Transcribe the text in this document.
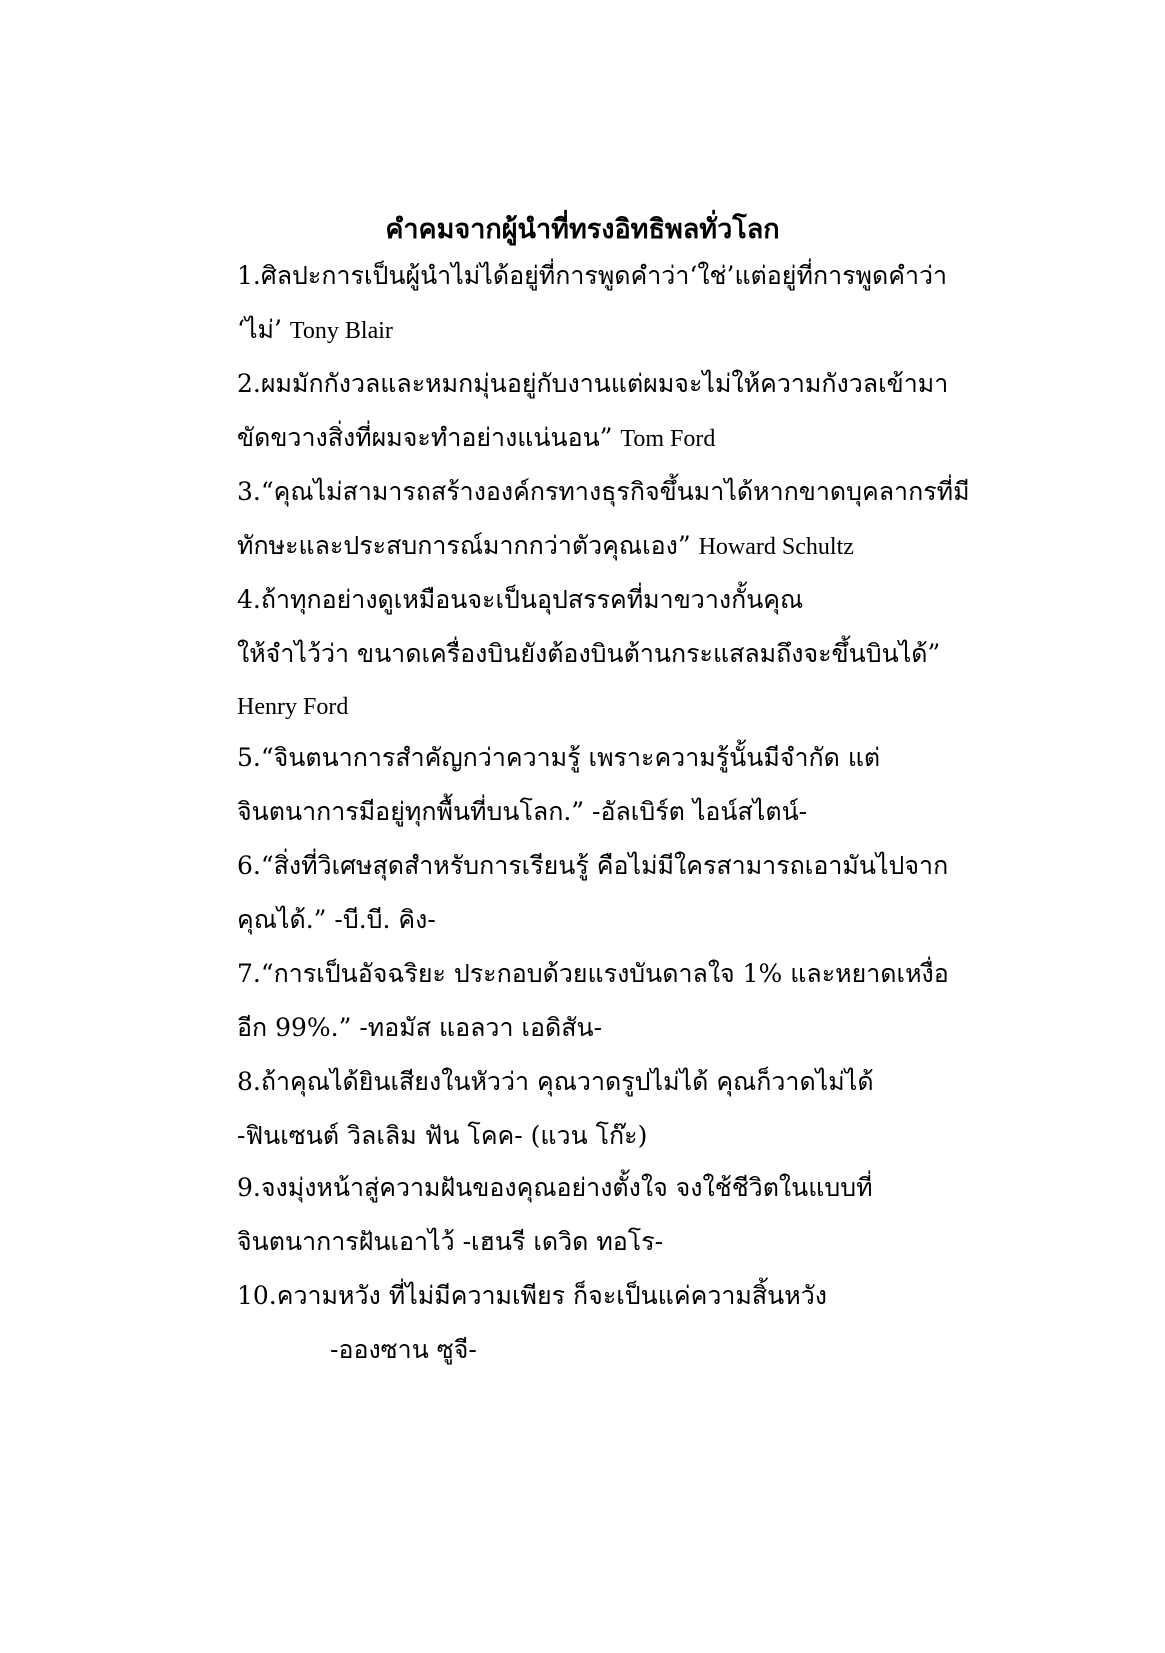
คำคมจากผู้นำที่ทรงอิทธิพลทั่วโลก
1.ศิลปะการเป็นผู้นำไม่ได้อยู่ที่การพูดคำว่า‘ใช่’แต่อยู่ที่การพูดคำว่า
‘ไม่’ Tony Blair
2.ผมมักกังวลและหมกมุ่นอยู่กับงานแต่ผมจะไม่ให้ความกังวลเข้ามา
ขัดขวางสิ่งที่ผมจะทำอย่างแน่นอน” Tom Ford
3.“คุณไม่สามารถสร้างองค์กรทางธุรกิจขึ้นมาได้หากขาดบุคลากรที่มี
ทักษะและประสบการณ์มากกว่าตัวคุณเอง” Howard Schultz
4.ถ้าทุกอย่างดูเหมือนจะเป็นอุปสรรคที่มาขวางกั้นคุณ
ให้จำไว้ว่า ขนาดเครื่องบินยังต้องบินต้านกระแสลมถึงจะขึ้นบินได้”
Henry Ford
5.“จินตนาการสำคัญกว่าความรู้ เพราะความรู้นั้นมีจำกัด แต่
จินตนาการมีอยู่ทุกพื้นที่บนโลก.” -อัลเบิร์ต ไอน์สไตน์-
6.“สิ่งที่วิเศษสุดสำหรับการเรียนรู้ คือไม่มีใครสามารถเอามันไปจาก
คุณได้.” -บี.บี. คิง-
7.“การเป็นอัจฉริยะ ประกอบด้วยแรงบันดาลใจ 1% และหยาดเหงื่อ
อีก 99%.” -ทอมัส แอลวา เอดิสัน-
8.ถ้าคุณได้ยินเสียงในหัวว่า คุณวาดรูปไม่ได้ คุณก็วาดไม่ได้
-ฟินเซนต์ วิลเลิม ฟัน โคค- (แวน โก๊ะ)
9.จงมุ่งหน้าสู่ความฝันของคุณอย่างตั้งใจ จงใช้ชีวิตในแบบที่
จินตนาการฝันเอาไว้ -เฮนรี เดวิด ทอโร-
10.ความหวัง ที่ไม่มีความเพียร ก็จะเป็นแค่ความสิ้นหวัง
-อองซาน ซูจี-
